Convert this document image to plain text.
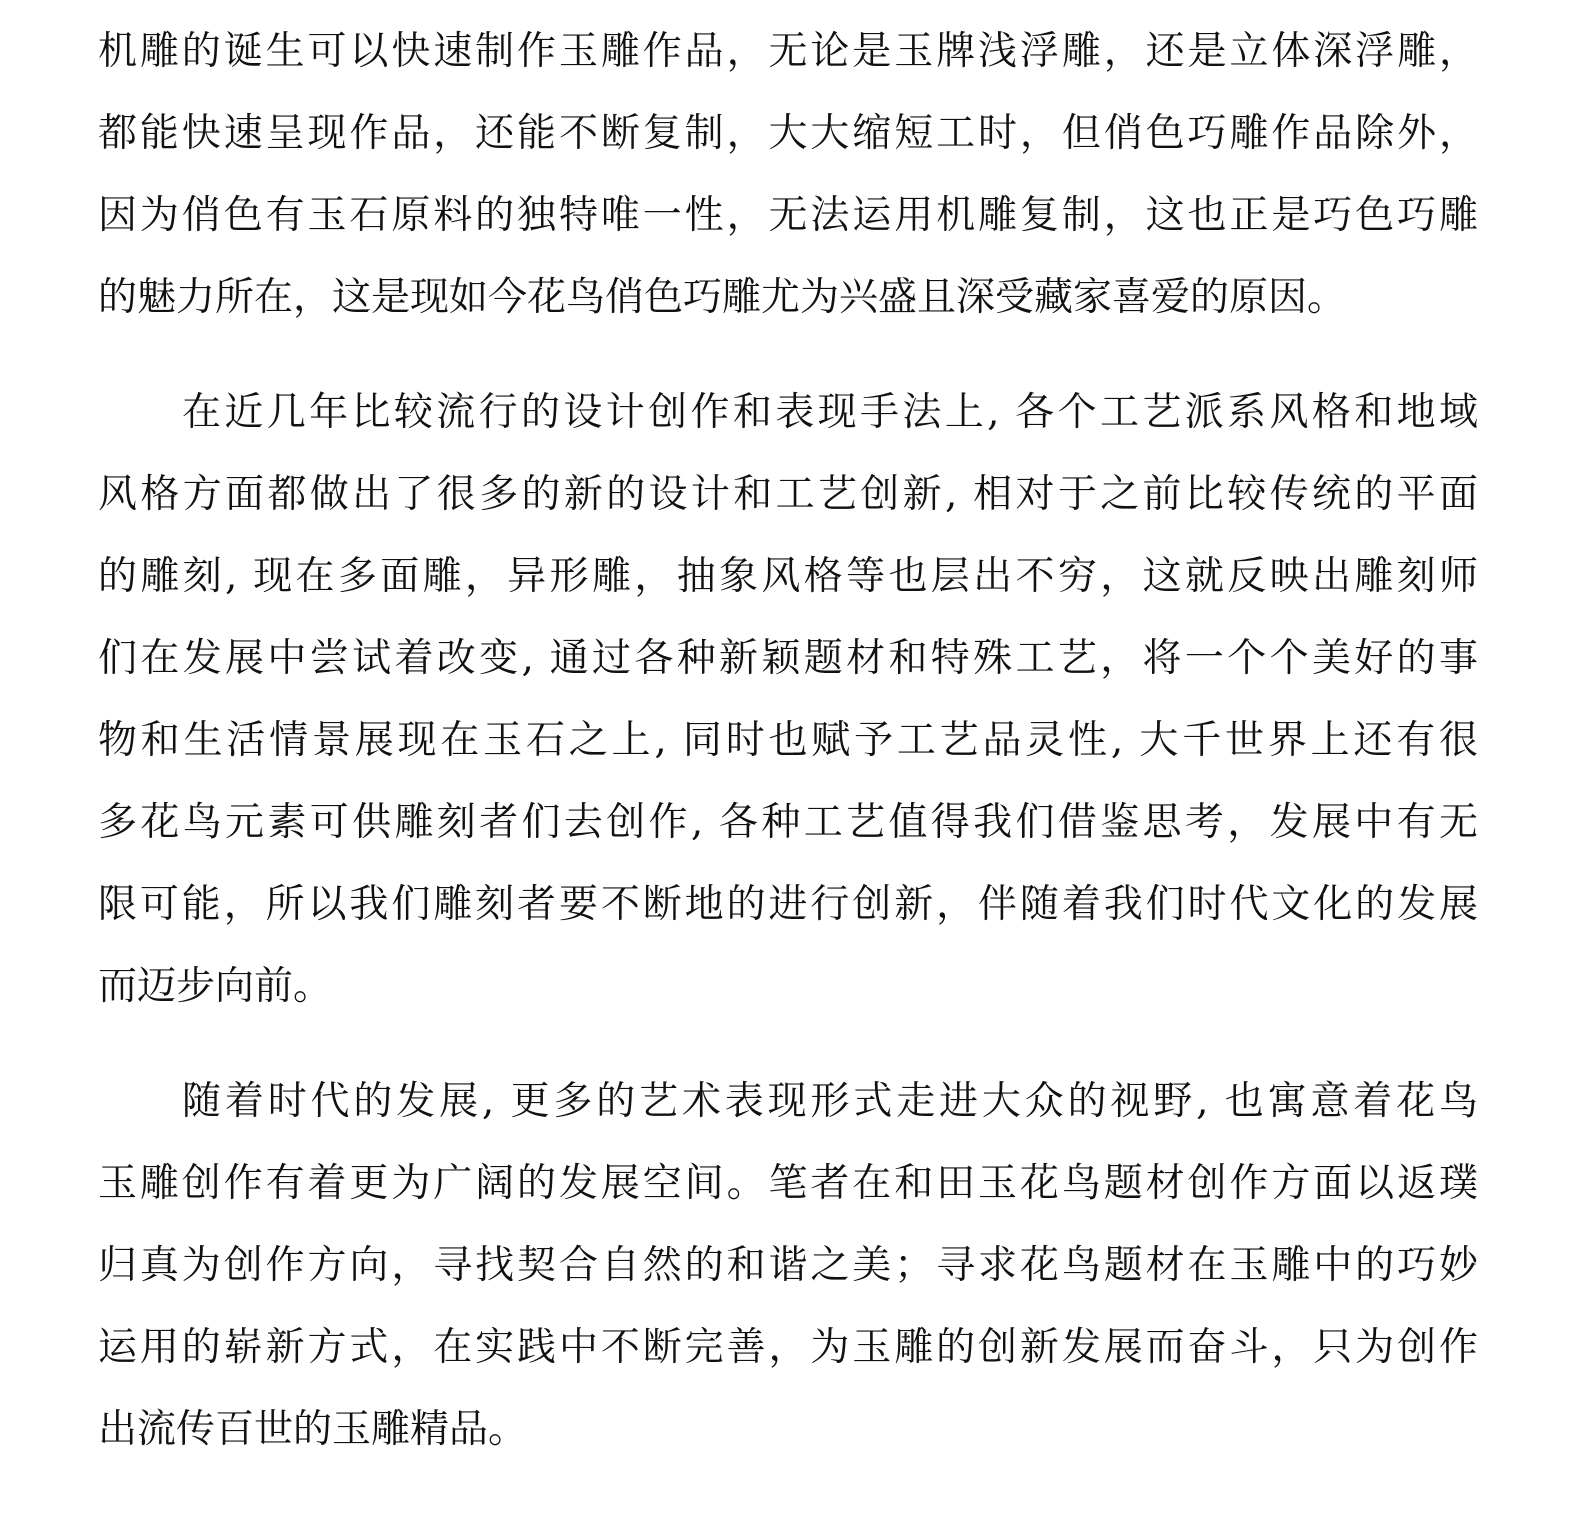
机雕的诞生可以快速制作玉雕作品，无论是玉牌浅浮雕，还是立体深浮雕，
都能快速呈现作品，还能不断复制，大大缩短工时，但俏色巧雕作品除外，
因为俏色有玉石原料的独特唯一性，无法运用机雕复制，这也正是巧色巧雕
的魅力所在，这是现如今花鸟俏色巧雕尤为兴盛且深受藏家喜爱的原因。
在近几年比较流行的设计创作和表现手法上, 各个工艺派系风格和地域
风格方面都做出了很多的新的设计和工艺创新, 相对于之前比较传统的平面
的雕刻, 现在多面雕，异形雕，抽象风格等也层出不穷，这就反映出雕刻师
们在发展中尝试着改变, 通过各种新颖题材和特殊工艺，将一个个美好的事
物和生活情景展现在玉石之上, 同时也赋予工艺品灵性, 大千世界上还有很
多花鸟元素可供雕刻者们去创作, 各种工艺值得我们借鉴思考，发展中有无
限可能，所以我们雕刻者要不断地的进行创新，伴随着我们时代文化的发展
而迈步向前。
随着时代的发展, 更多的艺术表现形式走进大众的视野, 也寓意着花鸟
玉雕创作有着更为广阔的发展空间。笔者在和田玉花鸟题材创作方面以返璞
归真为创作方向，寻找契合自然的和谐之美；寻求花鸟题材在玉雕中的巧妙
运用的崭新方式，在实践中不断完善，为玉雕的创新发展而奋斗，只为创作
出流传百世的玉雕精品。
